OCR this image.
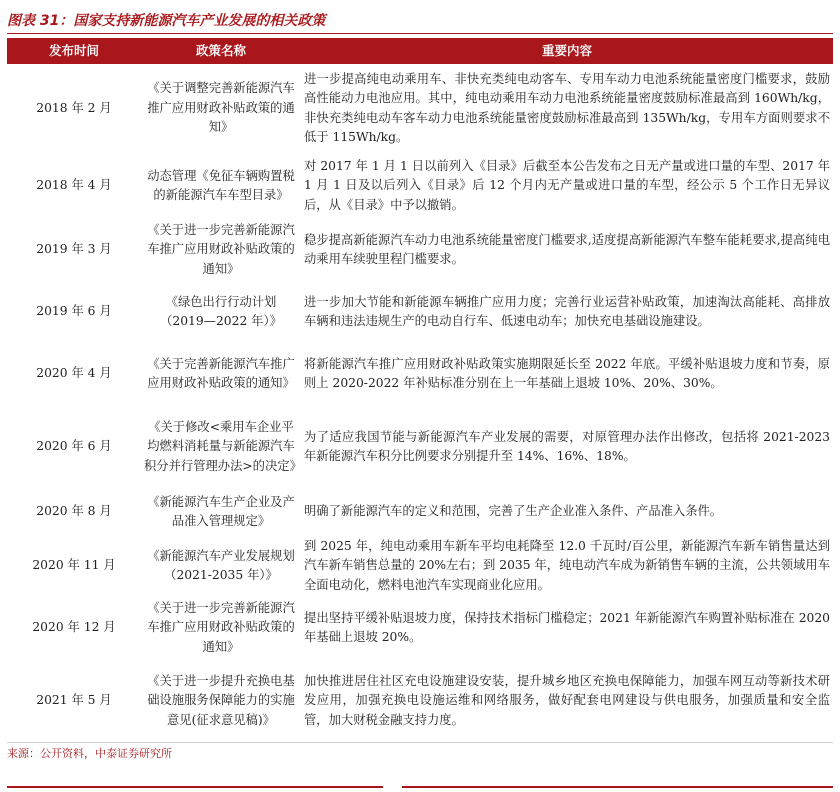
图表 31：国家支持新能源汽车产业发展的相关政策
发布时间	政策名称	重要内容
2018 年 2 月	《关于调整完善新能源汽车推广应用财政补贴政策的通知》	进一步提高纯电动乘用车、非快充类纯电动客车、专用车动力电池系统能量密度门槛要求，鼓励高性能动力电池应用。其中，纯电动乘用车动力电池系统能量密度鼓励标准最高到 160Wh/kg，非快充类纯电动车客车动力电池系统能量密度鼓励标准最高到 135Wh/kg，专用车方面则要求不低于 115Wh/kg。
2018 年 4 月	动态管理《免征车辆购置税的新能源汽车车型目录》	对 2017 年 1 月 1 日以前列入《目录》后截至本公告发布之日无产量或进口量的车型、2017 年 1 月 1 日及以后列入《目录》后 12 个月内无产量或进口量的车型，经公示 5 个工作日无异议后，从《目录》中予以撤销。
2019 年 3 月	《关于进一步完善新能源汽车推广应用财政补贴政策的通知》	稳步提高新能源汽车动力电池系统能量密度门槛要求,适度提高新能源汽车整车能耗要求,提高纯电动乘用车续驶里程门槛要求。
2019 年 6 月	《绿色出行行动计划（2019—2022 年）》	进一步加大节能和新能源车辆推广应用力度；完善行业运营补贴政策，加速淘汰高能耗、高排放车辆和违法违规生产的电动自行车、低速电动车；加快充电基础设施建设。
2020 年 4 月	《关于完善新能源汽车推广应用财政补贴政策的通知》	将新能源汽车推广应用财政补贴政策实施期限延长至 2022 年底。平缓补贴退坡力度和节奏，原则上 2020-2022 年补贴标准分别在上一年基础上退坡 10%、20%、30%。
2020 年 6 月	《关于修改<乘用车企业平均燃料消耗量与新能源汽车积分并行管理办法>的决定》	为了适应我国节能与新能源汽车产业发展的需要，对原管理办法作出修改，包括将 2021-2023 年新能源汽车积分比例要求分别提升至 14%、16%、18%。
2020 年 8 月	《新能源汽车生产企业及产品准入管理规定》	明确了新能源汽车的定义和范围，完善了生产企业准入条件、产品准入条件。
2020 年 11 月	《新能源汽车产业发展规划（2021-2035 年）》	到 2025 年，纯电动乘用车新车平均电耗降至 12.0 千瓦时/百公里，新能源汽车新车销售量达到汽车新车销售总量的 20%左右；到 2035 年，纯电动汽车成为新销售车辆的主流，公共领域用车全面电动化，燃料电池汽车实现商业化应用。
2020 年 12 月	《关于进一步完善新能源汽车推广应用财政补贴政策的通知》	提出坚持平缓补贴退坡力度，保持技术指标门槛稳定；2021 年新能源汽车购置补贴标准在 2020 年基础上退坡 20%。
2021 年 5 月	《关于进一步提升充换电基础设施服务保障能力的实施意见(征求意见稿)》	加快推进居住社区充电设施建设安装，提升城乡地区充换电保障能力，加强车网互动等新技术研发应用，加强充换电设施运维和网络服务，做好配套电网建设与供电服务，加强质量和安全监管，加大财税金融支持力度。
来源：公开资料，中泰证券研究所
